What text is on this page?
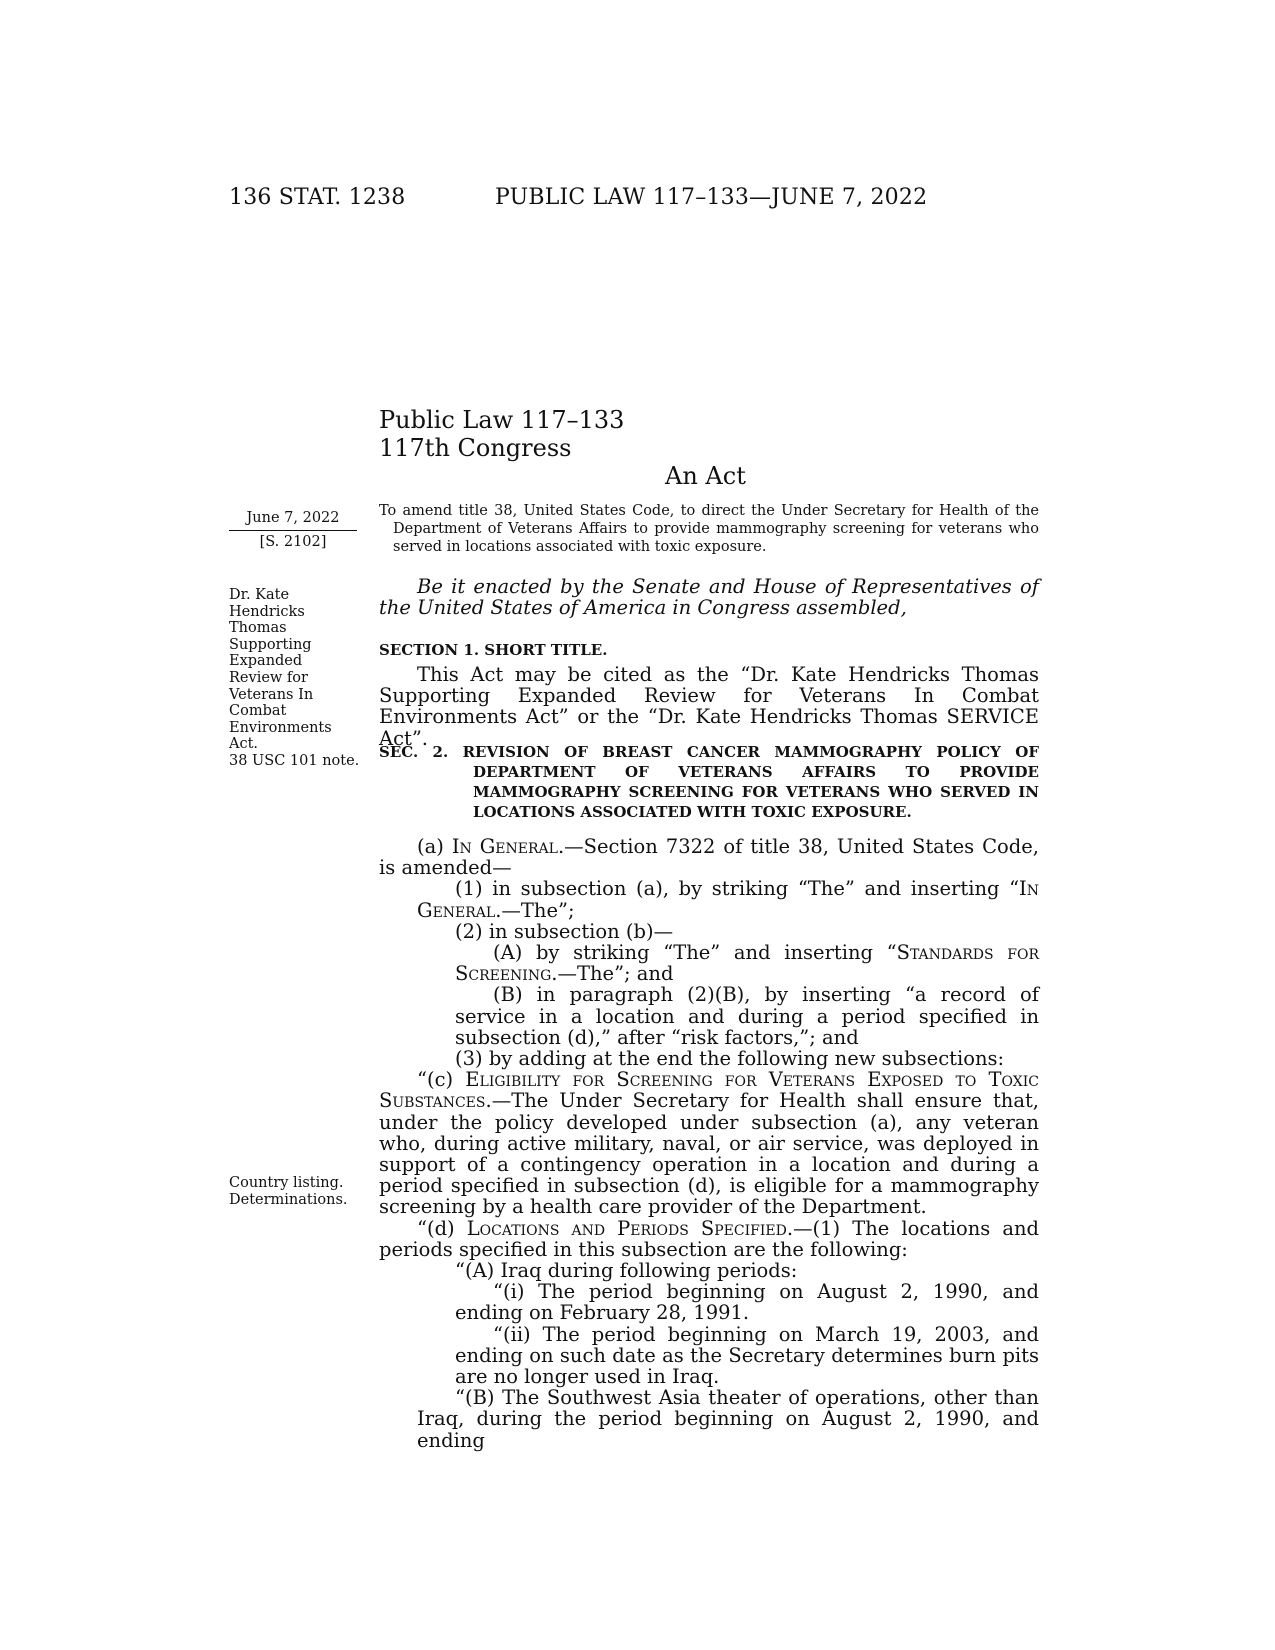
136 STAT. 1238	PUBLIC LAW 117–133—JUNE 7, 2022
Public Law 117–133
117th Congress
An Act
June 7, 2022
[S. 2102]
To amend title 38, United States Code, to direct the Under Secretary for Health of the Department of Veterans Affairs to provide mammography screening for veterans who served in locations associated with toxic exposure.
Be it enacted by the Senate and House of Representatives of the United States of America in Congress assembled,
Dr. Kate
Hendricks
Thomas
Supporting
Expanded
Review for
Veterans In
Combat
Environments
Act.
38 USC 101 note.
SECTION 1. SHORT TITLE.

This Act may be cited as the “Dr. Kate Hendricks Thomas Supporting Expanded Review for Veterans In Combat Environments Act” or the “Dr. Kate Hendricks Thomas SERVICE Act”.

SEC. 2. REVISION OF BREAST CANCER MAMMOGRAPHY POLICY OF DEPARTMENT OF VETERANS AFFAIRS TO PROVIDE MAMMOGRAPHY SCREENING FOR VETERANS WHO SERVED IN LOCATIONS ASSOCIATED WITH TOXIC EXPOSURE.

(a) In General.—Section 7322 of title 38, United States Code, is amended—

(1) in subsection (a), by striking “The” and inserting “In General.—The”;

(2) in subsection (b)—

(A) by striking “The” and inserting “Standards for Screening.—The”; and

(B) in paragraph (2)(B), by inserting “a record of service in a location and during a period specified in subsection (d),” after “risk factors,”; and

(3) by adding at the end the following new subsections:

“(c) Eligibility for Screening for Veterans Exposed to Toxic Substances.—The Under Secretary for Health shall ensure that, under the policy developed under subsection (a), any veteran who, during active military, naval, or air service, was deployed in support of a contingency operation in a location and during a period specified in subsection (d), is eligible for a mammography screening by a health care provider of the Department.

“(d) Locations and Periods Specified.—(1) The locations and periods specified in this subsection are the following:

“(A) Iraq during following periods:

“(i) The period beginning on August 2, 1990, and ending on February 28, 1991.

“(ii) The period beginning on March 19, 2003, and ending on such date as the Secretary determines burn pits are no longer used in Iraq.

“(B) The Southwest Asia theater of operations, other than Iraq, during the period beginning on August 2, 1990, and ending

Country listing.
Determinations.
